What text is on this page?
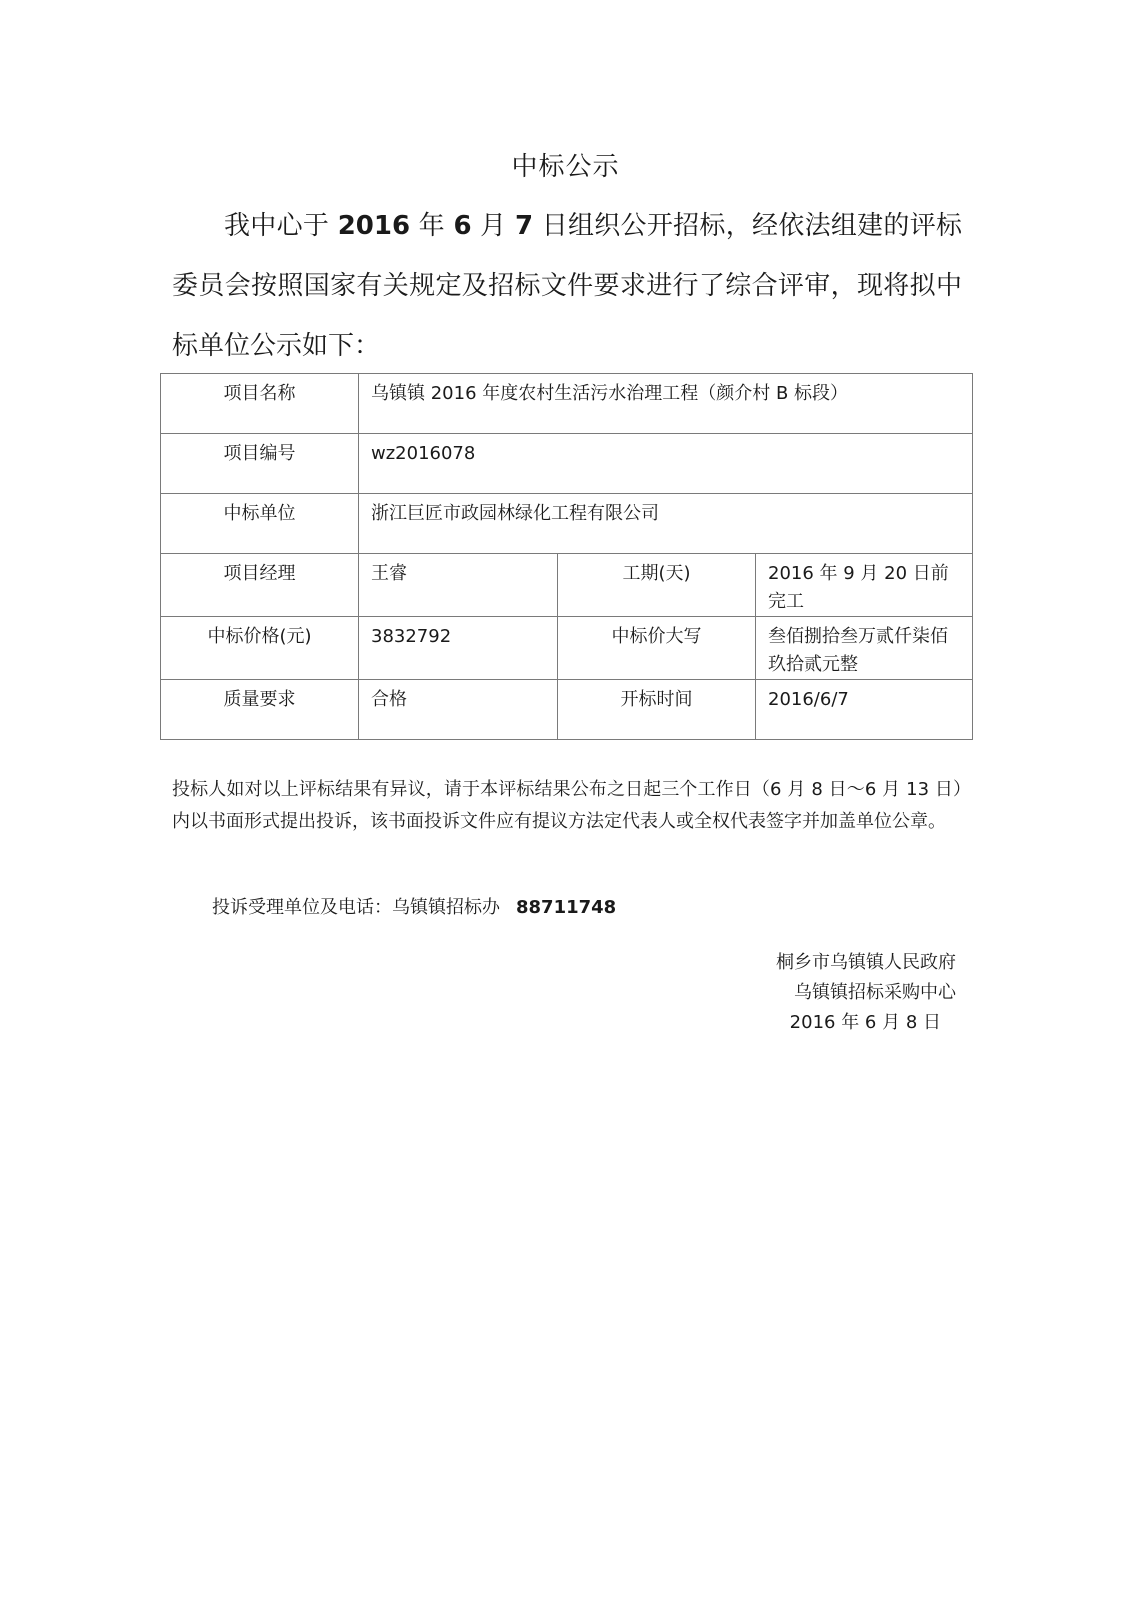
中标公示
我中心于 2016 年 6 月 7 日组织公开招标，经依法组建的评标委员会按照国家有关规定及招标文件要求进行了综合评审，现将拟中标单位公示如下：
项目名称	乌镇镇 2016 年度农村生活污水治理工程（颜介村 B 标段）		
项目编号	wz2016078		
中标单位	浙江巨匠市政园林绿化工程有限公司		
项目经理	王睿	工期(天)	2016 年 9 月 20 日前完工
中标价格(元)	3832792	中标价大写	叁佰捌拾叁万贰仟柒佰玖拾贰元整
质量要求	合格	开标时间	2016/6/7
投标人如对以上评标结果有异议，请于本评标结果公布之日起三个工作日（6 月 8 日～6 月 13 日）内以书面形式提出投诉，该书面投诉文件应有提议方法定代表人或全权代表签字并加盖单位公章。
投诉受理单位及电话：乌镇镇招标办 88711748
桐乡市乌镇镇人民政府
乌镇镇招标采购中心
2016 年 6 月 8 日
